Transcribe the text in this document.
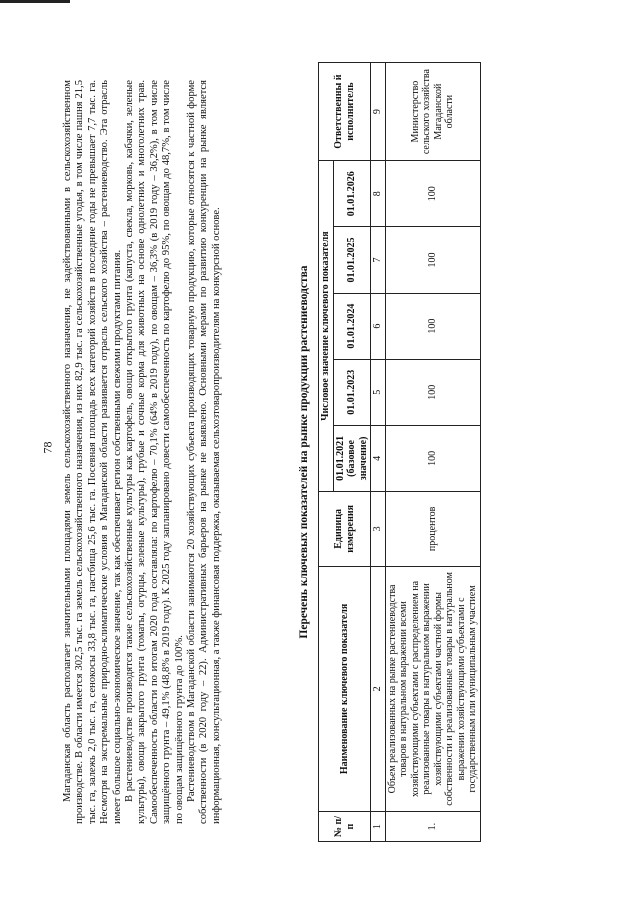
78 Магаданская область располагает значительными площадями земель сельскохозяйственного назначения, не задействованными в сельскохозяйственном производстве. В области имеется 302,5 тыс. га земель сельскохозяйственного назначения, из них 82,9 тыс. га сельскохозяйственные угодья, в том числе пашня 21,5 тыс. га, залежь 2,0 тыс. га, сенокосы 33,8 тыс. га, пастбища 25,6 тыс. га. Посевная площадь всех категорий хозяйств в последние годы не превышает 7,7 тыс. га. Несмотря на экстремальные природно-климатические условия в Магаданской области развивается отрасль сельского хозяйства – растениеводство. Эта отрасль имеет большое социально-экономическое значение, так как обеспечивает регион собственными свежими продуктами питания. В растениеводстве производятся такие сельскохозяйственные культуры как картофель, овощи открытого грунта (капуста, свекла, морковь, кабачки, зеленые культуры), овощи закрытого грунта (томаты, огурцы, зеленые культуры), грубые и сочные корма для животных на основе однолетних и многолетних трав. Самообеспеченность области по итогам 2020 года составляла: по картофелю – 70,1% (64% в 2019 году), по овощам – 36,3% (в 2019 году – 36,2%), в том числе защищённого грунта – 49,1% (48,8% в 2019 году). К 2025 году запланировано довести самообеспеченность по картофелю до 95%, по овощам до 48,7%, в том числе по овощам защищённого грунта до 100%. Растениеводством в Магаданской области занимаются 20 хозяйствующих субъекта производящих товарную продукцию, которые относятся к частной форме собственности (в 2020 году – 22). Административных барьеров на рынке не выявлено. Основными мерами по развитию конкуренции на рынке является информационная, консультационная, а также финансовая поддержка, оказываемая сельхозтоваропроизводителям на конкурсной основе.	Перечень ключевых показателей на рынке продукции растениеводства
№ п/п	Наименование ключевого показателя	Единица измерения	Числовое значение ключевого показателя					Ответственны й исполнитель
			01.01.2021 (базовое значение)	01.01.2023	01.01.2024	01.01.2025	01.01.2026	
1	2	3	4	5	6	7	8	9
1.	Объем реализованных на рынке растениеводства товаров в натуральном выражении всеми хозяйствующими субъектами с распределением на реализованные товары в натуральном выражении хозяйствующими субъектами частной формы собственности и реализованные товары в натуральном выражении хозяйствующими субъектами с государственным или муниципальным участием	процентов	100	100	100	100	100	Министерство сельского хозяйства Магаданской области
